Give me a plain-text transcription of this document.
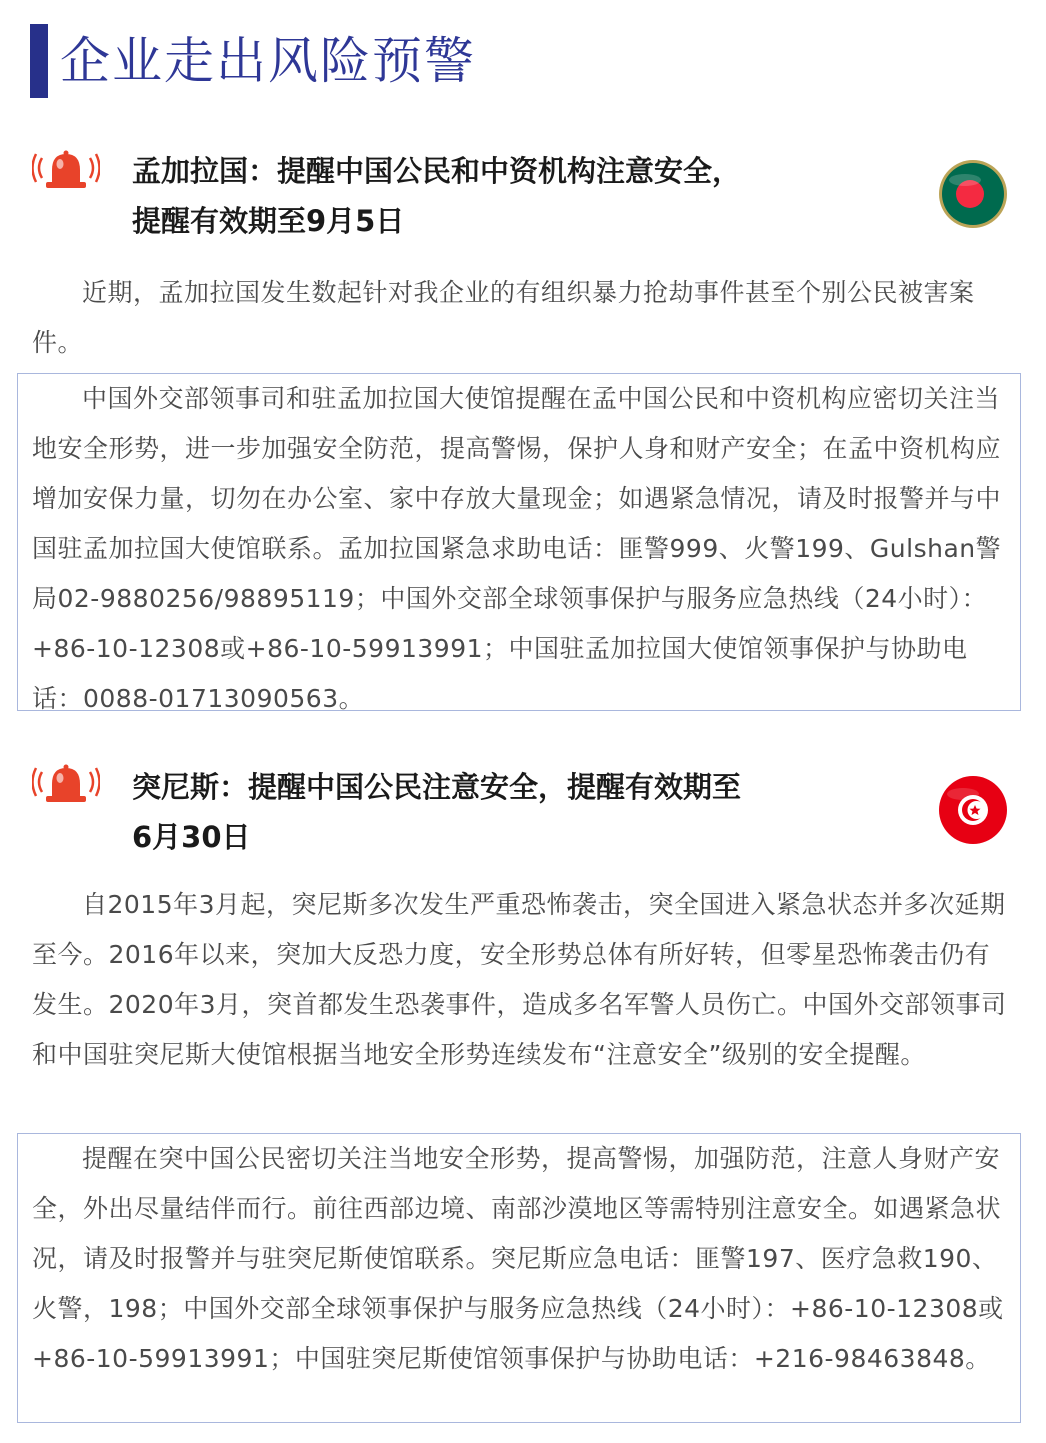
企业走出风险预警
孟加拉国：提醒中国公民和中资机构注意安全，
提醒有效期至9月5日

近期，孟加拉国发生数起针对我企业的有组织暴力抢劫事件甚至个别公民被害案件。

中国外交部领事司和驻孟加拉国大使馆提醒在孟中国公民和中资机构应密切关注当地安全形势，进一步加强安全防范，提高警惕，保护人身和财产安全；在孟中资机构应增加安保力量，切勿在办公室、家中存放大量现金；如遇紧急情况，请及时报警并与中国驻孟加拉国大使馆联系。孟加拉国紧急求助电话：匪警999、火警199、Gulshan警局02-9880256/98895119；中国外交部全球领事保护与服务应急热线（24小时）：+86-10-12308或+86-10-59913991；中国驻孟加拉国大使馆领事保护与协助电话：0088-01713090563。

突尼斯：提醒中国公民注意安全，提醒有效期至
6月30日

自2015年3月起，突尼斯多次发生严重恐怖袭击，突全国进入紧急状态并多次延期至今。2016年以来，突加大反恐力度，安全形势总体有所好转，但零星恐怖袭击仍有发生。2020年3月，突首都发生恐袭事件，造成多名军警人员伤亡。中国外交部领事司和中国驻突尼斯大使馆根据当地安全形势连续发布“注意安全”级别的安全提醒。

提醒在突中国公民密切关注当地安全形势，提高警惕，加强防范，注意人身财产安全，外出尽量结伴而行。前往西部边境、南部沙漠地区等需特别注意安全。如遇紧急状况，请及时报警并与驻突尼斯使馆联系。突尼斯应急电话：匪警197、医疗急救190、火警，198；中国外交部全球领事保护与服务应急热线（24小时）：+86-10-12308或+86-10-59913991；中国驻突尼斯使馆领事保护与协助电话：+216-98463848。
